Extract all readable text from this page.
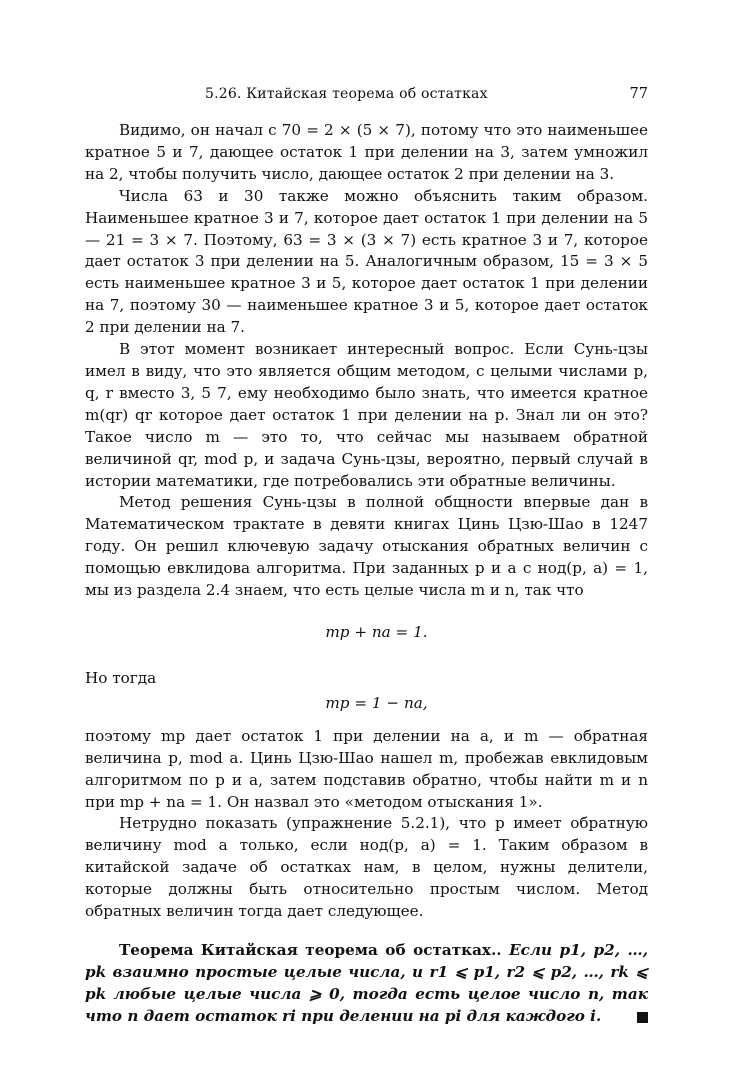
5.26. Китайская теорема об остатках	77

Видимо, он начал с 70 = 2 × (5 × 7), потому что это наименьшее кратное 5 и 7, дающее остаток 1 при делении на 3, затем умножил на 2, чтобы получить число, дающее остаток 2 при делении на 3.

Числа 63 и 30 также можно объяснить таким образом. Наименьшее кратное 3 и 7, которое дает остаток 1 при делении на 5 — 21 = 3 × 7. Поэтому, 63 = 3 × (3 × 7) есть кратное 3 и 7, которое дает остаток 3 при делении на 5. Аналогичным образом, 15 = 3 × 5 есть наименьшее кратное 3 и 5, которое дает остаток 1 при делении на 7, поэтому 30 — наименьшее кратное 3 и 5, которое дает остаток 2 при делении на 7.

В этот момент возникает интересный вопрос. Если Сунь-цзы имел в виду, что это является общим методом, с целыми числами p, q, r вместо 3, 5 7, ему необходимо было знать, что имеется кратное m(qr) qr которое дает остаток 1 при делении на p. Знал ли он это? Такое число m — это то, что сейчас мы называем обратной величиной qr, mod p, и задача Сунь-цзы, вероятно, первый случай в истории математики, где потребовались эти обратные величины.

Метод решения Сунь-цзы в полной общности впервые дан в Математическом трактате в девяти книгах Цинь Цзю-Шао в 1247 году. Он решил ключевую задачу отыскания обратных величин с помощью евклидова алгоритма. При заданных p и a с нод(p, a) = 1, мы из раздела 2.4 знаем, что есть целые числа m и n, так что

mp + na = 1.

Но тогда

mp = 1 − na,

поэтому mp дает остаток 1 при делении на a, и m — обратная величина p, mod a. Цинь Цзю-Шао нашел m, пробежав евклидовым алгоритмом по p и a, затем подставив обратно, чтобы найти m и n при mp + na = 1. Он назвал это «методом отыскания 1».

Нетрудно показать (упражнение 5.2.1), что p имеет обратную величину mod a только, если нод(p, a) = 1. Таким образом в китайской задаче об остатках нам, в целом, нужны делители, которые должны быть относительно простым числом. Метод обратных величин тогда дает следующее.

Теорема Китайская теорема об остатках.. Если p1, p2, …, pk взаимно простые целые числа, и r1 ⩽ p1, r2 ⩽ p2, …, rk ⩽ pk любые целые числа ⩾ 0, тогда есть целое число n, так что n дает остаток ri при делении на pi для каждого i.
